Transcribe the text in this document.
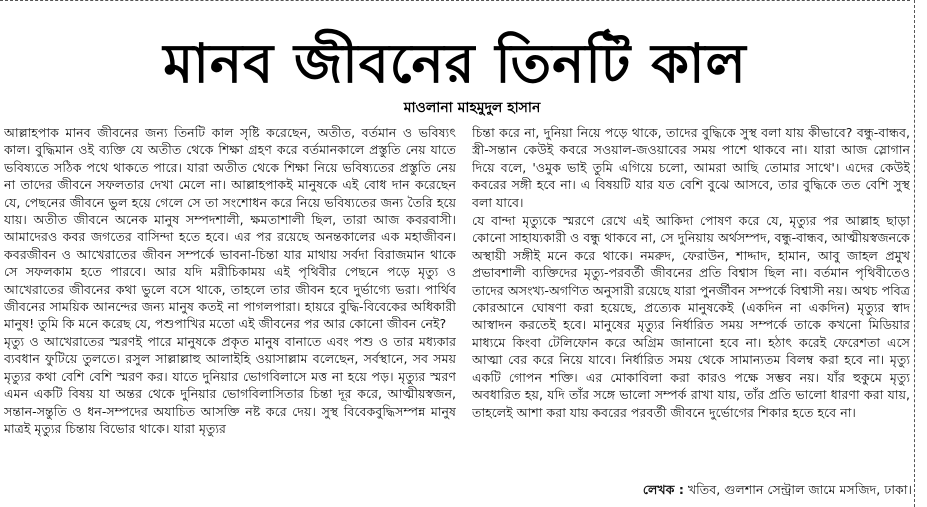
মানব জীবনের তিনটি কাল
মাওলানা মাহমুদুল হাসান

আল্লাহপাক মানব জীবনের জন্য তিনটি কাল সৃষ্টি করেছেন, অতীত, বর্তমান ও ভবিষ্যৎ কাল। বুদ্ধিমান ওই ব্যক্তি যে অতীত থেকে শিক্ষা গ্রহণ করে বর্তমানকালে প্রস্তুতি নেয় যাতে ভবিষ্যতে সঠিক পথে থাকতে পারে। যারা অতীত থেকে শিক্ষা নিয়ে ভবিষ্যতের প্রস্তুতি নেয় না তাদের জীবনে সফলতার দেখা মেলে না। আল্লাহপাকই মানুষকে এই বোধ দান করেছেন যে, পেছনের জীবনে ভুল হয়ে গেলে সে তা সংশোধন করে নিয়ে ভবিষ্যতের জন্য তৈরি হয়ে যায়। অতীত জীবনে অনেক মানুষ সম্পদশালী, ক্ষমতাশালী ছিল, তারা আজ কবরবাসী। আমাদেরও কবর জগতের বাসিন্দা হতে হবে। এর পর রয়েছে অনন্তকালের এক মহাজীবন। কবরজীবন ও আখেরাতের জীবন সম্পর্কে ভাবনা-চিন্তা যার মাথায় সর্বদা বিরাজমান থাকে সে সফলকাম হতে পারবে। আর যদি মরীচিকাময় এই পৃথিবীর পেছনে পড়ে মৃত্যু ও আখেরাতের জীবনের কথা ভুলে বসে থাকে, তাহলে তার জীবন হবে দুর্ভাগ্যে ভরা। পার্থিব জীবনের সাময়িক আনন্দের জন্য মানুষ কতই না পাগলপারা। হায়রে বুদ্ধি-বিবেকের অধিকারী মানুষ! তুমি কি মনে করেছ যে, পশুপাখির মতো এই জীবনের পর আর কোনো জীবন নেই?

মৃত্যু ও আখেরাতের স্মরণই পারে মানুষকে প্রকৃত মানুষ বানাতে এবং পশু ও তার মধ্যকার ব্যবধান ফুটিয়ে তুলতে। রসুল সাল্লাল্লাহু আলাইহি ওয়াসাল্লাম বলেছেন, সর্বস্থানে, সব সময় মৃত্যুর কথা বেশি বেশি স্মরণ কর। যাতে দুনিয়ার ভোগবিলাসে মত্ত না হয়ে পড়। মৃত্যুর স্মরণ এমন একটি বিষয় যা অন্তর থেকে দুনিয়ার ভোগবিলাসিতার চিন্তা দূর করে, আত্মীয়স্বজন, সন্তান-সন্তুতি ও ধন-সম্পদের অযাচিত আসক্তি নষ্ট করে দেয়। সুস্থ বিবেকবুদ্ধিসম্পন্ন মানুষ মাত্রই মৃত্যুর চিন্তায় বিভোর থাকে। যারা মৃত্যুর

চিন্তা করে না, দুনিয়া নিয়ে পড়ে থাকে, তাদের বুদ্ধিকে সুস্থ বলা যায় কীভাবে? বন্ধু-বান্ধব, স্ত্রী-সন্তান কেউই কবরে সওয়াল-জওয়াবের সময় পাশে থাকবে না। যারা আজ স্লোগান দিয়ে বলে, 'ওমুক ভাই তুমি এগিয়ে চলো, আমরা আছি তোমার সাথে'। এদের কেউই কবরের সঙ্গী হবে না। এ বিষয়টি যার যত বেশি বুঝে আসবে, তার বুদ্ধিকে তত বেশি সুস্থ বলা যাবে।

যে বান্দা মৃত্যুকে স্মরণে রেখে এই আকিদা পোষণ করে যে, মৃত্যুর পর আল্লাহ ছাড়া কোনো সাহায্যকারী ও বন্ধু থাকবে না, সে দুনিয়ায় অর্থসম্পদ, বন্ধু-বান্ধব, আত্মীয়স্বজনকে অস্থায়ী সঙ্গীই মনে করে থাকে। নমরুদ, ফেরাউন, শাদ্দাদ, হামান, আবু জাহল প্রমুখ প্রভাবশালী ব্যক্তিদের মৃত্যু-পরবর্তী জীবনের প্রতি বিশ্বাস ছিল না। বর্তমান পৃথিবীতেও তাদের অসংখ্য-অগণিত অনুসারী রয়েছে যারা পুনর্জীবন সম্পর্কে বিশ্বাসী নয়। অথচ পবিত্র কোরআনে ঘোষণা করা হয়েছে, প্রত্যেক মানুষকেই (একদিন না একদিন) মৃত্যুর স্বাদ আস্বাদন করতেই হবে। মানুষের মৃত্যুর নির্ধারিত সময় সম্পর্কে তাকে কখনো মিডিয়ার মাধ্যমে কিংবা টেলিফোন করে অগ্রিম জানানো হবে না। হঠাৎ করেই ফেরেশতা এসে আত্মা বের করে নিয়ে যাবে। নির্ধারিত সময় থেকে সামান্যতম বিলম্ব করা হবে না। মৃত্যু একটি গোপন শক্তি। এর মোকাবিলা করা কারও পক্ষে সম্ভব নয়। যাঁর হুকুমে মৃত্যু অবধারিত হয়, যদি তাঁর সঙ্গে ভালো সম্পর্ক রাখা যায়, তাঁর প্রতি ভালো ধারণা করা যায়, তাহলেই আশা করা যায় কবরের পরবর্তী জীবনে দুর্ভোগের শিকার হতে হবে না।

লেখক : খতিব, গুলশান সেন্ট্রাল জামে মসজিদ, ঢাকা।
